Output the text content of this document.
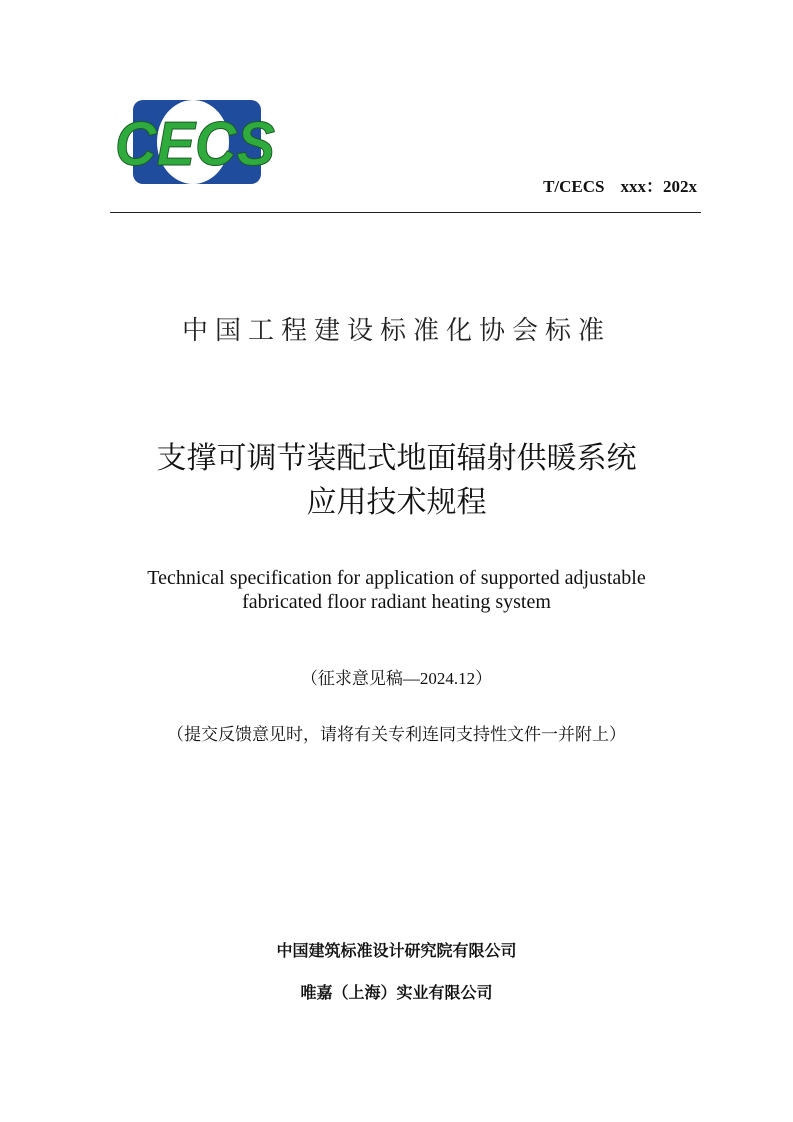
CECS
T/CECS xxx：202x
中国工程建设标准化协会标准
支撑可调节装配式地面辐射供暖系统
应用技术规程
Technical specification for application of supported adjustable
fabricated floor radiant heating system
（征求意见稿—2024.12）
（提交反馈意见时，请将有关专利连同支持性文件一并附上）
中国建筑标准设计研究院有限公司
唯嘉（上海）实业有限公司
